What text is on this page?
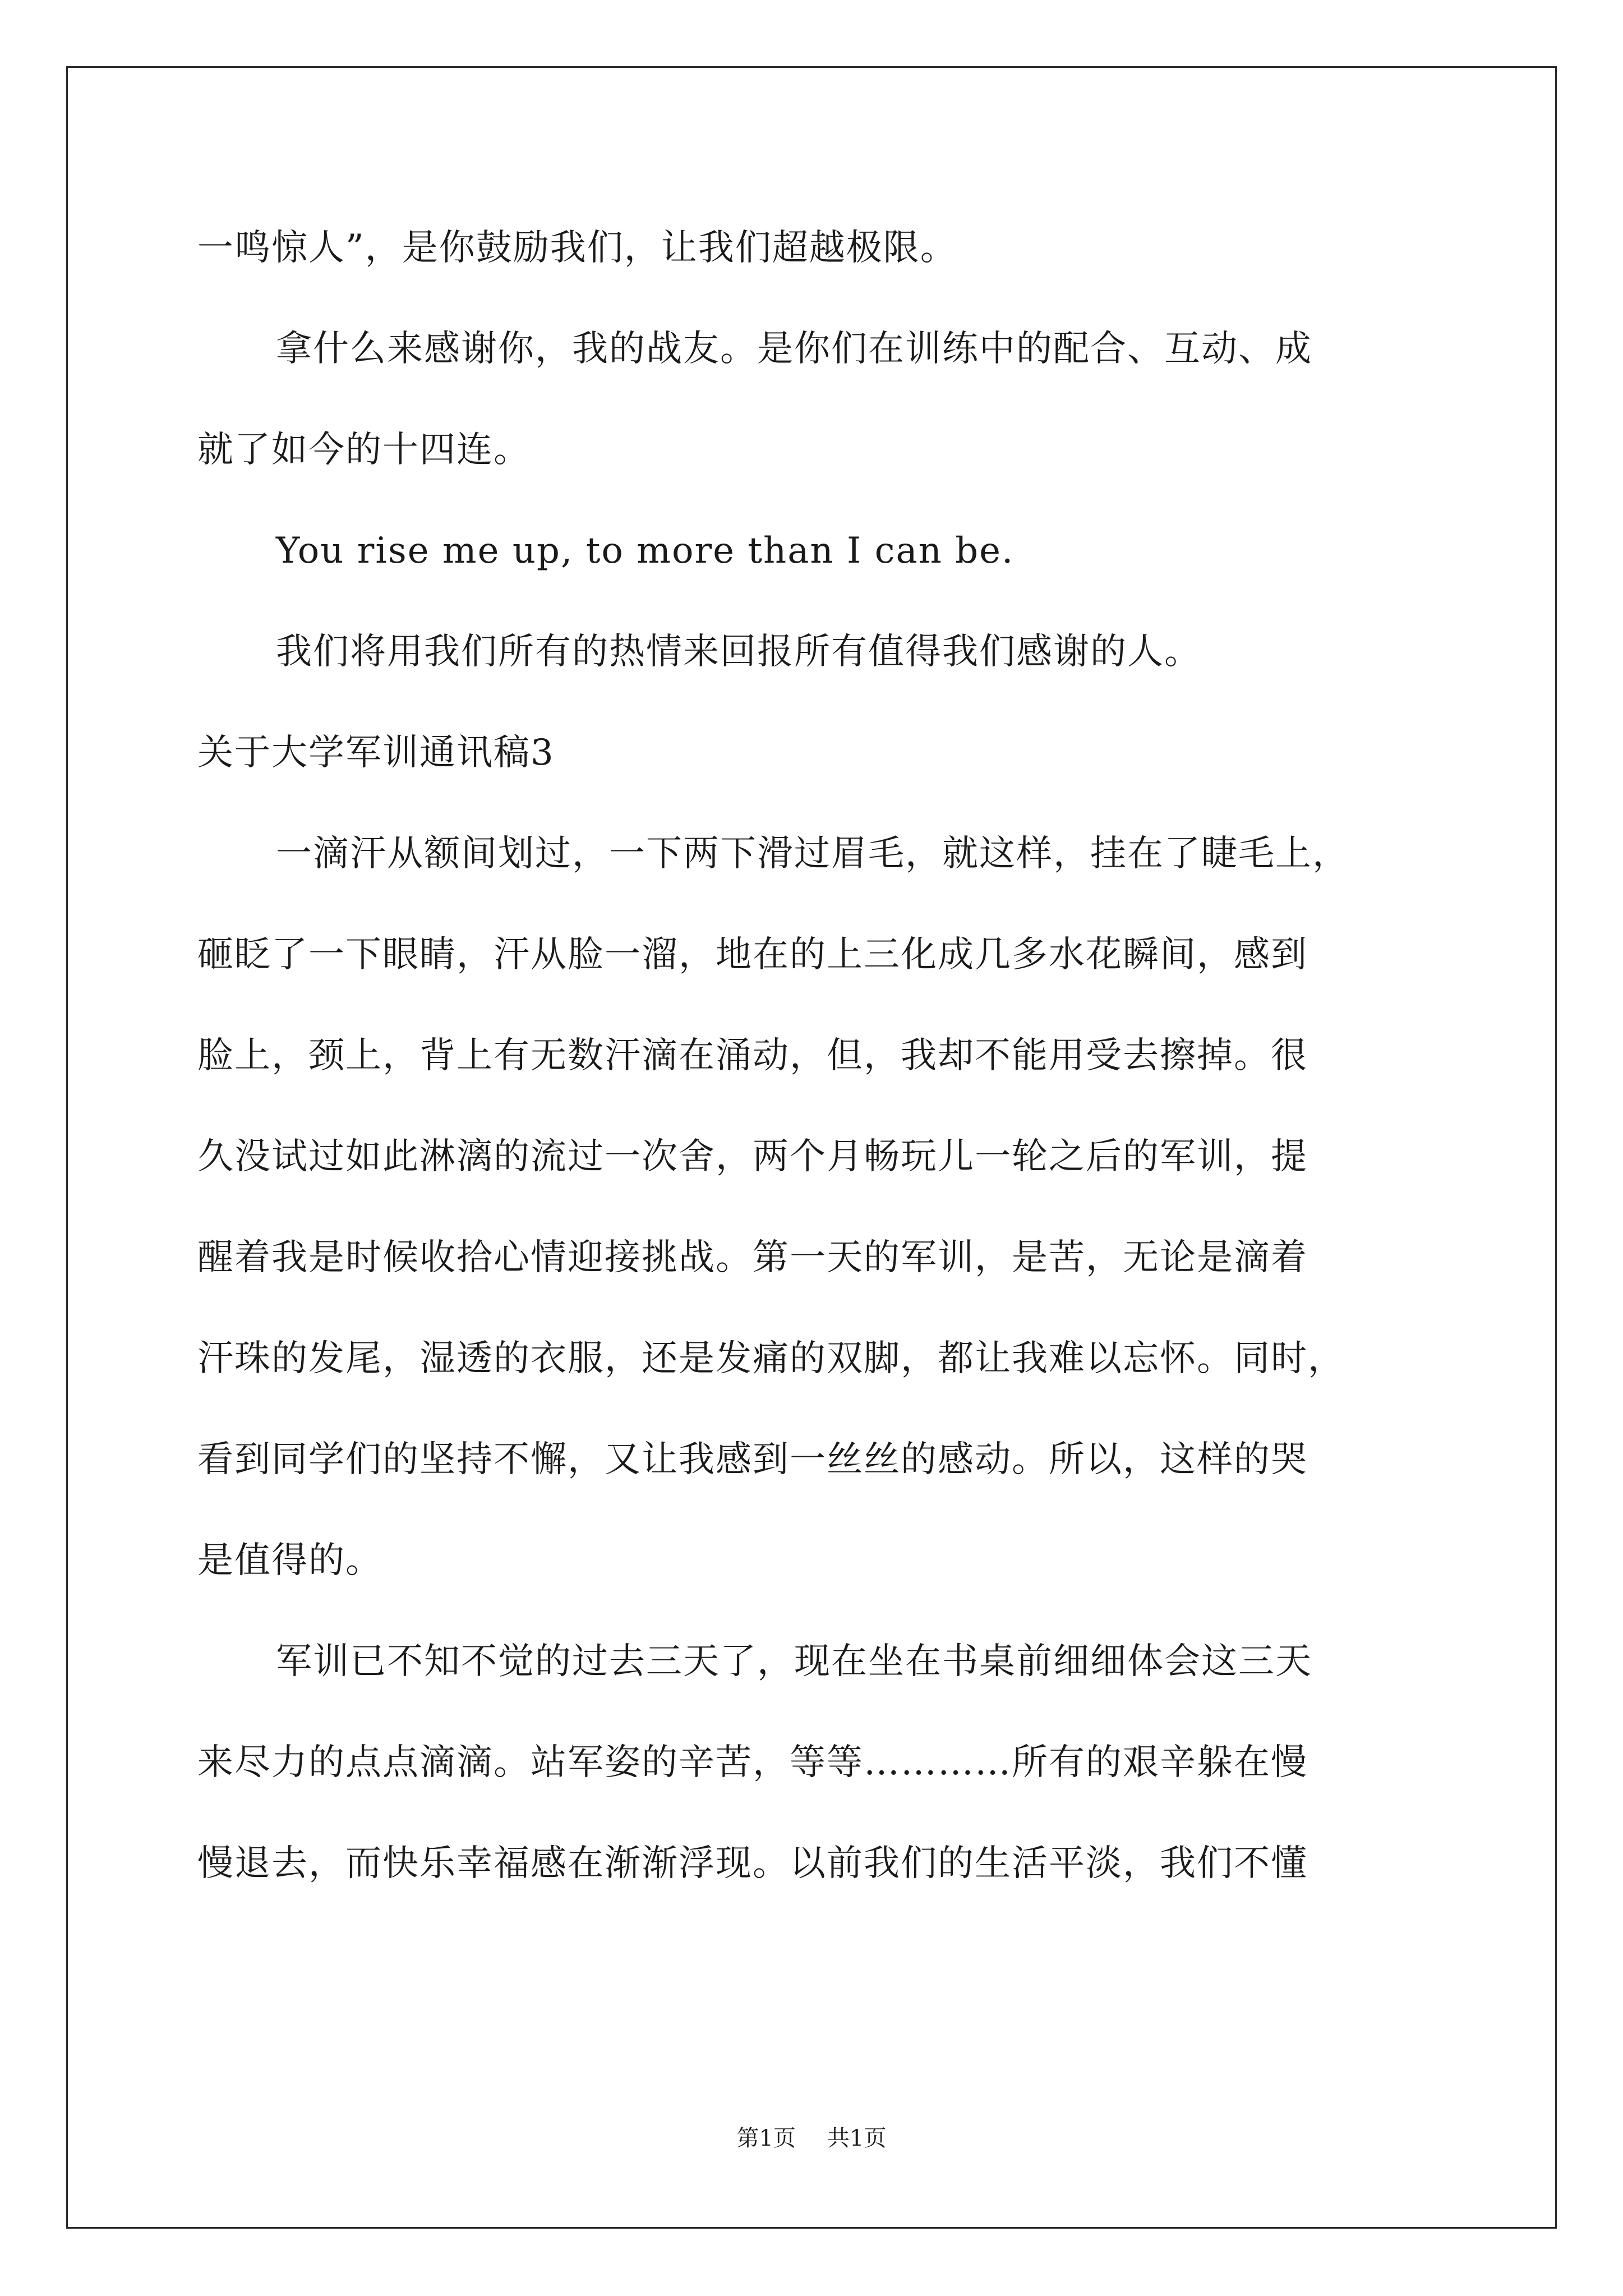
一鸣惊人”，是你鼓励我们，让我们超越极限。
拿什么来感谢你，我的战友。是你们在训练中的配合、互动、成
就了如今的十四连。
You rise me up, to more than I can be.
我们将用我们所有的热情来回报所有值得我们感谢的人。
关于大学军训通讯稿3
一滴汗从额间划过，一下两下滑过眉毛，就这样，挂在了睫毛上，
砸眨了一下眼睛，汗从脸一溜，地在的上三化成几多水花瞬间，感到
脸上，颈上，背上有无数汗滴在涌动，但，我却不能用受去擦掉。很
久没试过如此淋漓的流过一次舍，两个月畅玩儿一轮之后的军训，提
醒着我是时候收拾心情迎接挑战。第一天的军训，是苦，无论是滴着
汗珠的发尾，湿透的衣服，还是发痛的双脚，都让我难以忘怀。同时，
看到同学们的坚持不懈，又让我感到一丝丝的感动。所以，这样的哭
是值得的。
军训已不知不觉的过去三天了，现在坐在书桌前细细体会这三天
来尽力的点点滴滴。站军姿的辛苦，等等…………所有的艰辛躲在慢
慢退去，而快乐幸福感在渐渐浮现。以前我们的生活平淡，我们不懂
第1页 共1页
